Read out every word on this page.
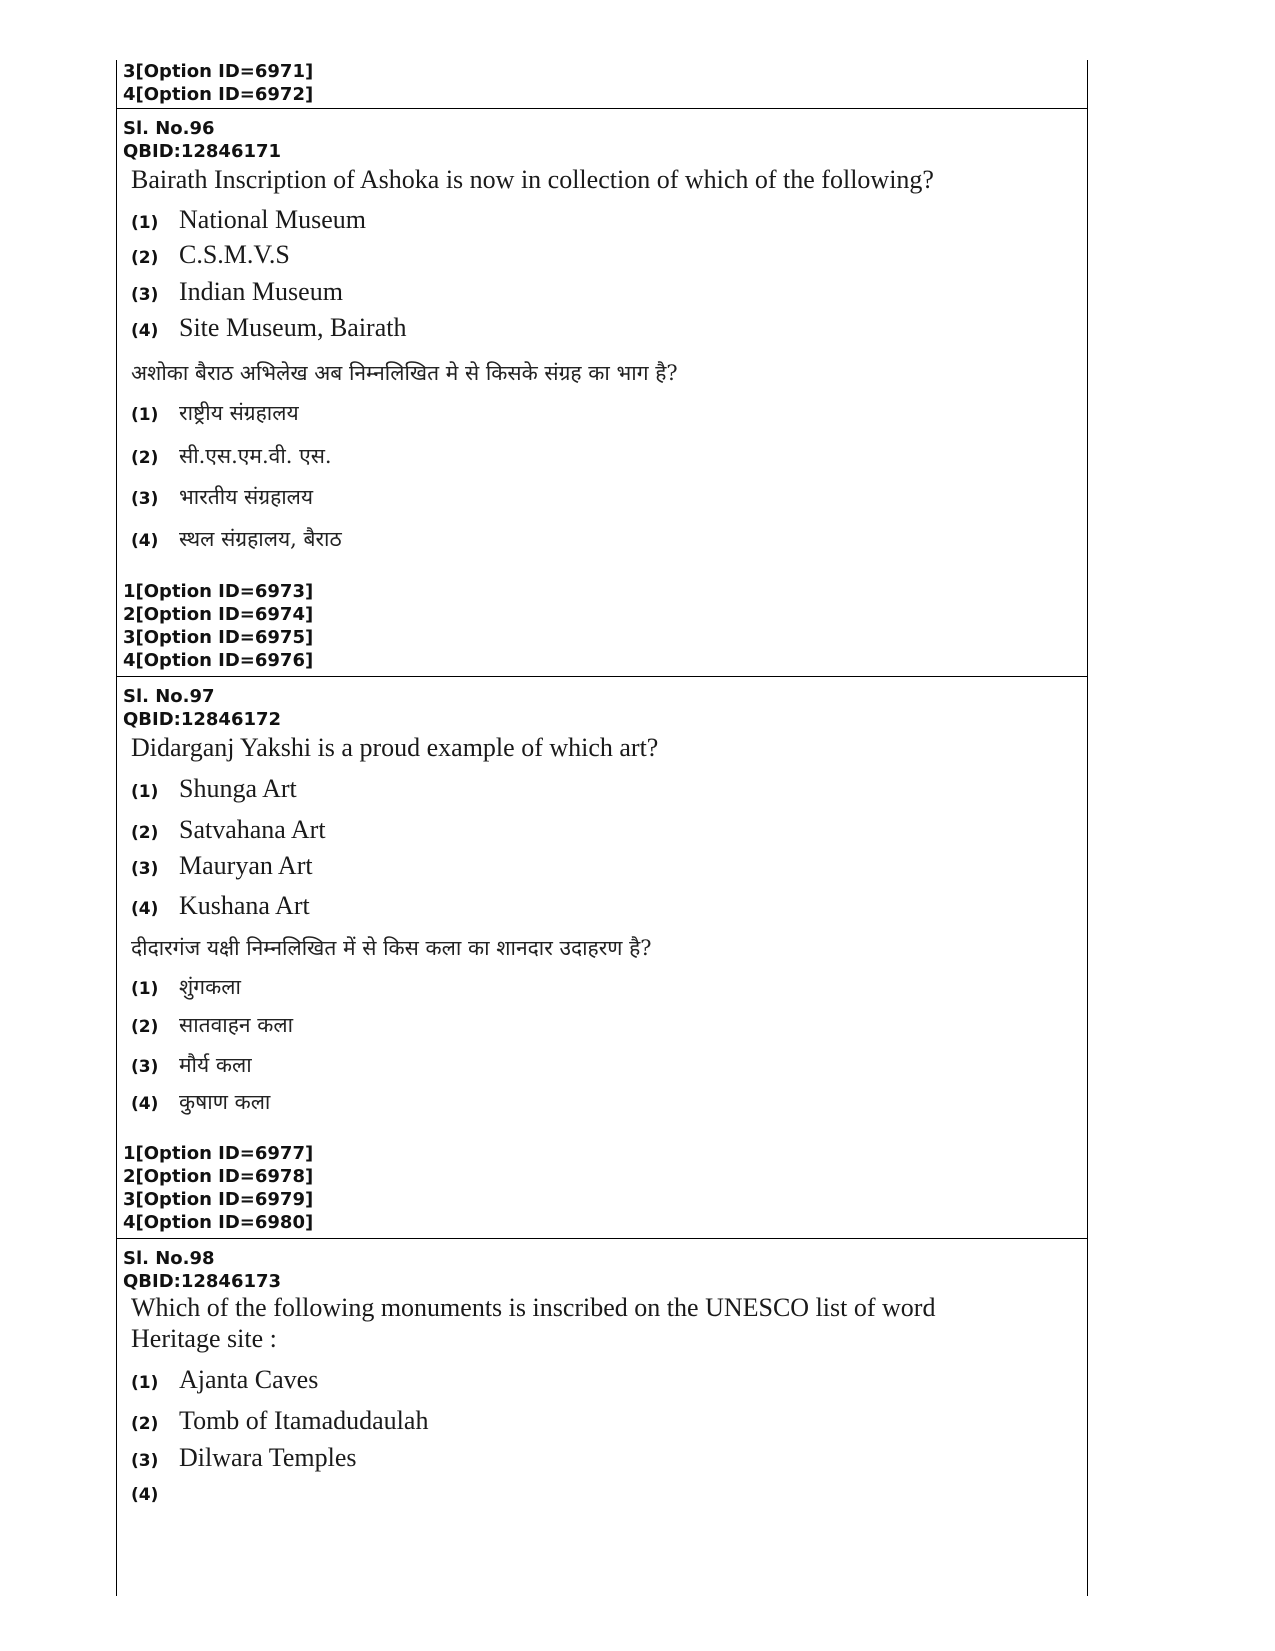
3[Option ID=6971]
4[Option ID=6972]
Sl. No.96
QBID:12846171
Bairath Inscription of Ashoka is now in collection of which of the following?
(1) National Museum
(2) C.S.M.V.S
(3) Indian Museum
(4) Site Museum, Bairath
अशोका बैराठ अभिलेख अब निम्नलिखित मे से किसके संग्रह का भाग है?
(1) राष्ट्रीय संग्रहालय
(2) सी.एस.एम.वी. एस.
(3) भारतीय संग्रहालय
(4) स्थल संग्रहालय, बैराठ
1[Option ID=6973]
2[Option ID=6974]
3[Option ID=6975]
4[Option ID=6976]
Sl. No.97
QBID:12846172
Didarganj Yakshi is a proud example of which art?
(1) Shunga Art
(2) Satvahana Art
(3) Mauryan Art
(4) Kushana Art
दीदारगंज यक्षी निम्नलिखित में से किस कला का शानदार उदाहरण है?
(1) शुंगकला
(2) सातवाहन कला
(3) मौर्य कला
(4) कुषाण कला
1[Option ID=6977]
2[Option ID=6978]
3[Option ID=6979]
4[Option ID=6980]
Sl. No.98
QBID:12846173
Which of the following monuments is inscribed on the UNESCO list of word
Heritage site :
(1) Ajanta Caves
(2) Tomb of Itamadudaulah
(3) Dilwara Temples
(4)
